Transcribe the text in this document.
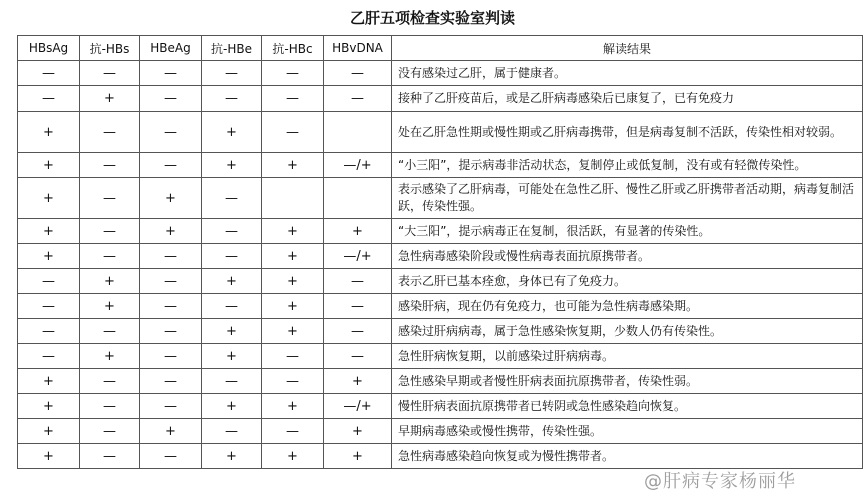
乙肝五项检查实验室判读
HBsAg	抗-HBs	HBeAg	抗-HBe	抗-HBc	HBvDNA	解读结果
—	—	—	—	—	—	没有感染过乙肝，属于健康者。
—	+	—	—	—	—	接种了乙肝疫苗后，或是乙肝病毒感染后已康复了，已有免疫力
+	—	—	+	—		处在乙肝急性期或慢性期或乙肝病毒携带，但是病毒复制不活跃，传染性相对较弱。
+	—	—	+	+	—/+	“小三阳”，提示病毒非活动状态，复制停止或低复制，没有或有轻微传染性。
+	—	+	—			表示感染了乙肝病毒，可能处在急性乙肝、慢性乙肝或乙肝携带者活动期，病毒复制活跃，传染性强。
+	—	+	—	+	+	“大三阳”，提示病毒正在复制，很活跃，有显著的传染性。
+	—	—	—	+	—/+	急性病毒感染阶段或慢性病毒表面抗原携带者。
—	+	—	+	+	—	表示乙肝已基本痊愈，身体已有了免疫力。
—	+	—	—	+	—	感染肝病，现在仍有免疫力，也可能为急性病毒感染期。
—	—	—	+	+	—	感染过肝病病毒，属于急性感染恢复期，少数人仍有传染性。
—	+	—	+	—	—	急性肝病恢复期，以前感染过肝病病毒。
+	—	—	—	—	+	急性感染早期或者慢性肝病表面抗原携带者，传染性弱。
+	—	—	+	+	—/+	慢性肝病表面抗原携带者已转阴或急性感染趋向恢复。
+	—	+	—	—	+	早期病毒感染或慢性携带，传染性强。
+	—	—	+	+	+	急性病毒感染趋向恢复或为慢性携带者。
@肝病专家杨丽华
